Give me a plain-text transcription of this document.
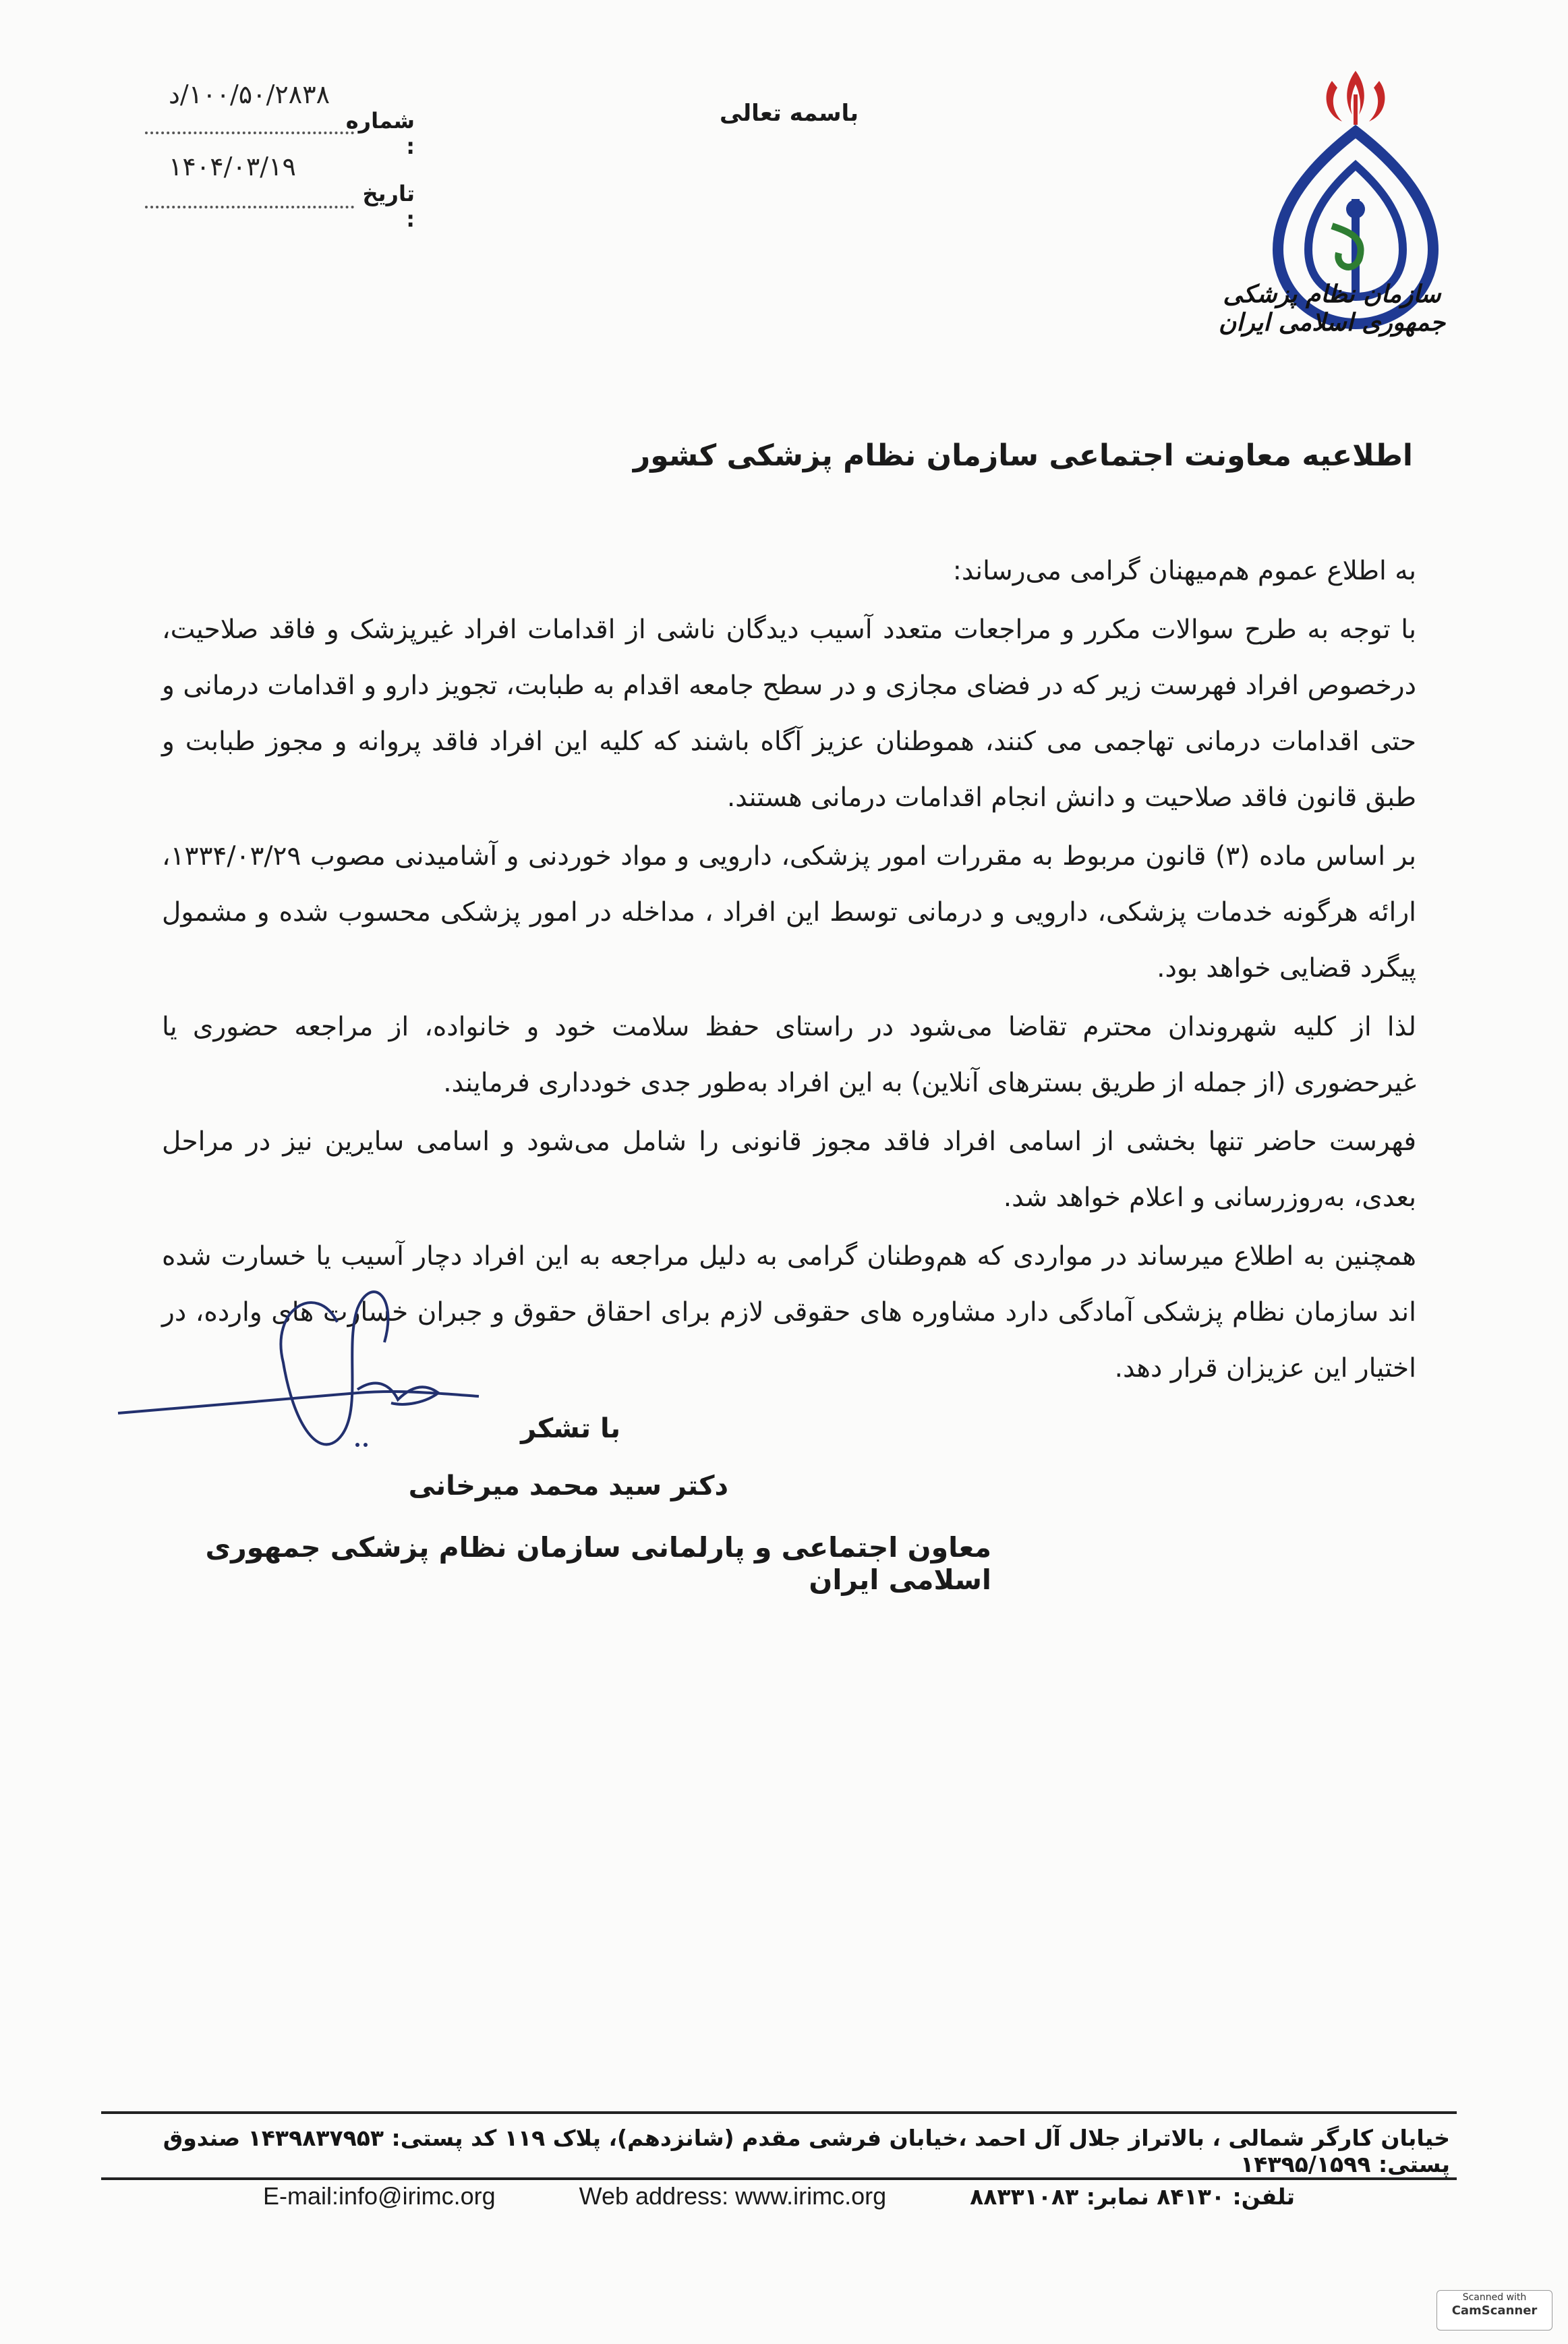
سازمان نظام پزشکی جمهوری اسلامی ایران
باسمه تعالی
۱۰۰/۵۰/۲۸۳۸/د
شماره :
۱۴۰۴/۰۳/۱۹
تاریخ :
اطلاعیه معاونت اجتماعی سازمان نظام پزشکی کشور

به اطلاع عموم هم‌میهنان گرامی می‌رساند:

با توجه به طرح سوالات مکرر و مراجعات متعدد آسیب دیدگان ناشی از اقدامات افراد غیرپزشک و فاقد صلاحیت، درخصوص افراد فهرست زیر که در فضای مجازی و در سطح جامعه اقدام به طبابت، تجویز دارو و اقدامات درمانی و حتی اقدامات درمانی تهاجمی می کنند، هموطنان عزیز آگاه باشند که کلیه این افراد فاقد پروانه و مجوز طبابت و طبق قانون فاقد صلاحیت و دانش انجام اقدامات درمانی هستند.

بر اساس ماده (۳) قانون مربوط به مقررات امور پزشکی، دارویی و مواد خوردنی و آشامیدنی مصوب ۱۳۳۴/۰۳/۲۹، ارائه هرگونه خدمات پزشکی، دارویی و درمانی توسط این افراد ، مداخله در امور پزشکی محسوب شده و مشمول پیگرد قضایی خواهد بود.

لذا از کلیه شهروندان محترم تقاضا می‌شود در راستای حفظ سلامت خود و خانواده، از مراجعه حضوری یا غیرحضوری (از جمله از طریق بسترهای آنلاین) به این افراد به‌طور جدی خودداری فرمایند.

فهرست حاضر تنها بخشی از اسامی افراد فاقد مجوز قانونی را شامل می‌شود و اسامی سایرین نیز در مراحل بعدی، به‌روزرسانی و اعلام خواهد شد.

همچنین به اطلاع میرساند در مواردی که هم‌وطنان گرامی به دلیل مراجعه به این افراد دچار آسیب یا خسارت شده اند سازمان نظام پزشکی آمادگی دارد مشاوره های حقوقی لازم برای احقاق حقوق و جبران خسارت های وارده، در اختیار این عزیزان قرار دهد.

با تشکر
دکتر سید محمد میرخانی
معاون اجتماعی و پارلمانی سازمان نظام پزشکی جمهوری اسلامی ایران
خیابان کارگر شمالی ، بالاتراز جلال آل احمد ،خیابان فرشی مقدم (شانزدهم)، پلاک ۱۱۹ کد پستی: ۱۴۳۹۸۳۷۹۵۳ صندوق پستی: ۱۴۳۹۵/۱۵۹۹
تلفن: ۸۴۱۳۰ نمابر: ۸۸۳۳۱۰۸۳
Web address: www.irimc.org
E-mail:info@irimc.org
Scanned with
CamScanner
